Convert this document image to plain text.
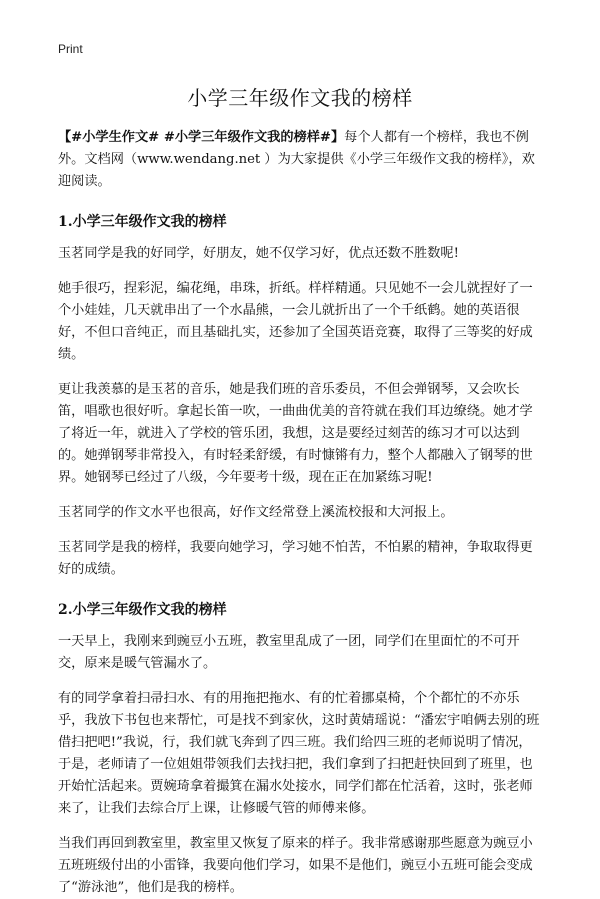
Print
小学三年级作文我的榜样

【#小学生作文# #小学三年级作文我的榜样#】每个人都有一个榜样，我也不例外。文档网（www.wendang.net ）为大家提供《小学三年级作文我的榜样》，欢迎阅读。

1.小学三年级作文我的榜样

玉茗同学是我的好同学，好朋友，她不仅学习好，优点还数不胜数呢!

她手很巧，捏彩泥，编花绳，串珠，折纸。样样精通。只见她不一会儿就捏好了一个小娃娃，几天就串出了一个水晶熊，一会儿就折出了一个千纸鹤。她的英语很好，不但口音纯正，而且基础扎实，还参加了全国英语竞赛，取得了三等奖的好成绩。

更让我羡慕的是玉茗的音乐，她是我们班的音乐委员，不但会弹钢琴，又会吹长笛，唱歌也很好听。拿起长笛一吹，一曲曲优美的音符就在我们耳边缭绕。她才学了将近一年，就进入了学校的管乐团，我想，这是要经过刻苦的练习才可以达到的。她弹钢琴非常投入，有时轻柔舒缓，有时慷锵有力，整个人都融入了钢琴的世界。她钢琴已经过了八级，今年要考十级，现在正在加紧练习呢!

玉茗同学的作文水平也很高，好作文经常登上溪流校报和大河报上。

玉茗同学是我的榜样，我要向她学习，学习她不怕苦，不怕累的精神，争取取得更好的成绩。

2.小学三年级作文我的榜样

一天早上，我刚来到豌豆小五班，教室里乱成了一团，同学们在里面忙的不可开交，原来是暖气管漏水了。

有的同学拿着扫帚扫水、有的用拖把拖水、有的忙着挪桌椅，个个都忙的不亦乐乎，我放下书包也来帮忙，可是找不到家伙，这时黄婧瑶说：“潘宏宇咱俩去别的班借扫把吧!”我说，行，我们就飞奔到了四三班。我们给四三班的老师说明了情况，于是，老师请了一位姐姐带领我们去找扫把，我们拿到了扫把赶快回到了班里，也开始忙活起来。贾婉琦拿着撮箕在漏水处接水，同学们都在忙活着，这时，张老师来了，让我们去综合厅上课，让修暖气管的师傅来修。

当我们再回到教室里，教室里又恢复了原来的样子。我非常感谢那些愿意为豌豆小五班班级付出的小雷锋，我要向他们学习，如果不是他们，豌豆小五班可能会变成了“游泳池”，他们是我的榜样。
